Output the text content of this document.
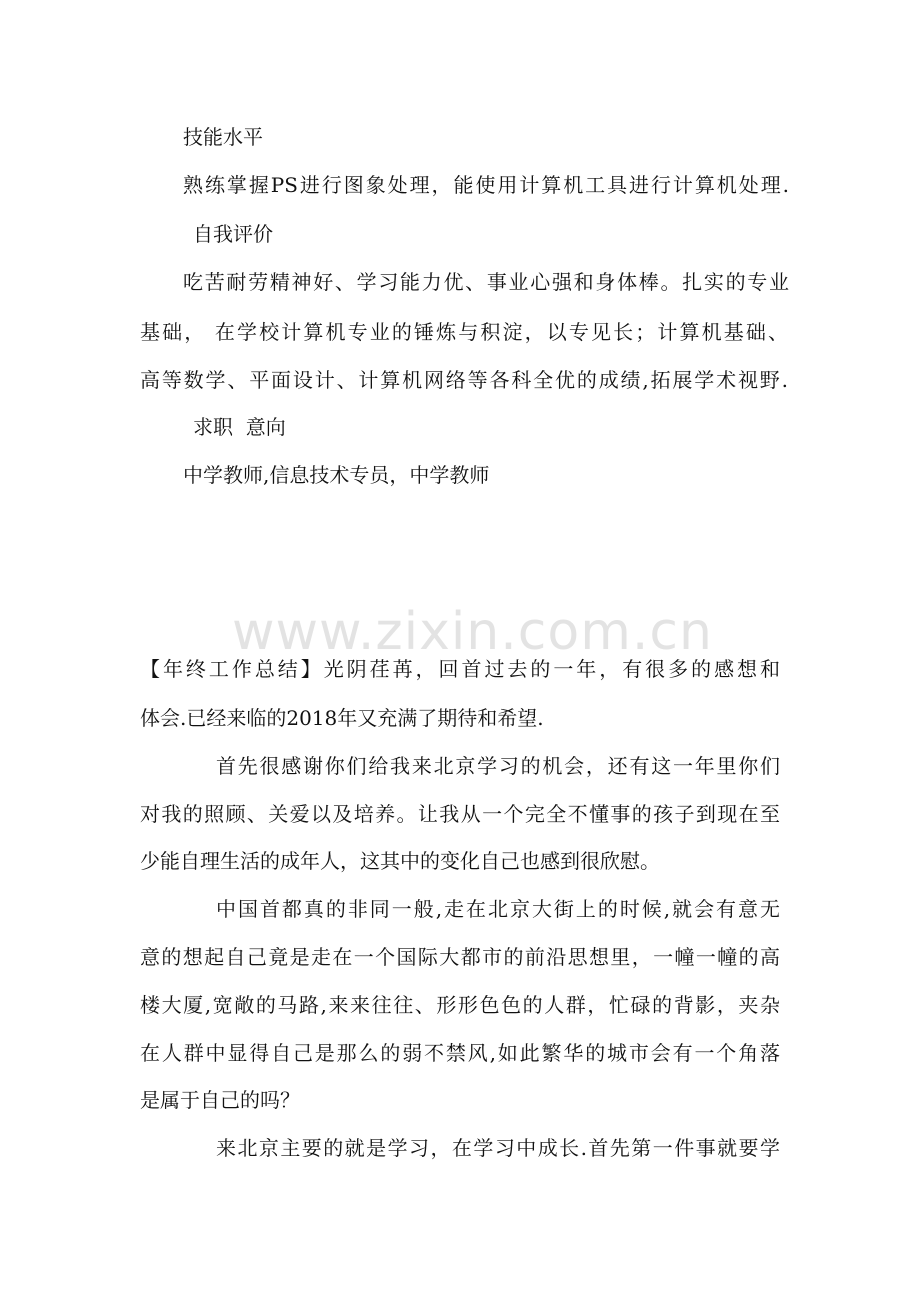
技能水平
熟练掌握PS进行图象处理，能使用计算机工具进行计算机处理.
自我评价
吃苦耐劳精神好、学习能力优、事业心强和身体棒。扎实的专业
基础， 在学校计算机专业的锤炼与积淀，以专见长；计算机基础、
高等数学、平面设计、计算机网络等各科全优的成绩,拓展学术视野.
求职  意向
中学教师,信息技术专员，中学教师
www.zixin.com.cn
【年终工作总结】光阴荏苒，回首过去的一年，有很多的感想和
体会.已经来临的2018年又充满了期待和希望.
首先很感谢你们给我来北京学习的机会，还有这一年里你们
对我的照顾、关爱以及培养。让我从一个完全不懂事的孩子到现在至
少能自理生活的成年人，这其中的变化自己也感到很欣慰。
中国首都真的非同一般,走在北京大街上的时候,就会有意无
意的想起自己竟是走在一个国际大都市的前沿思想里，一幢一幢的高
楼大厦,宽敞的马路,来来往往、形形色色的人群，忙碌的背影，夹杂
在人群中显得自己是那么的弱不禁风,如此繁华的城市会有一个角落
是属于自己的吗？
来北京主要的就是学习，在学习中成长.首先第一件事就要学
